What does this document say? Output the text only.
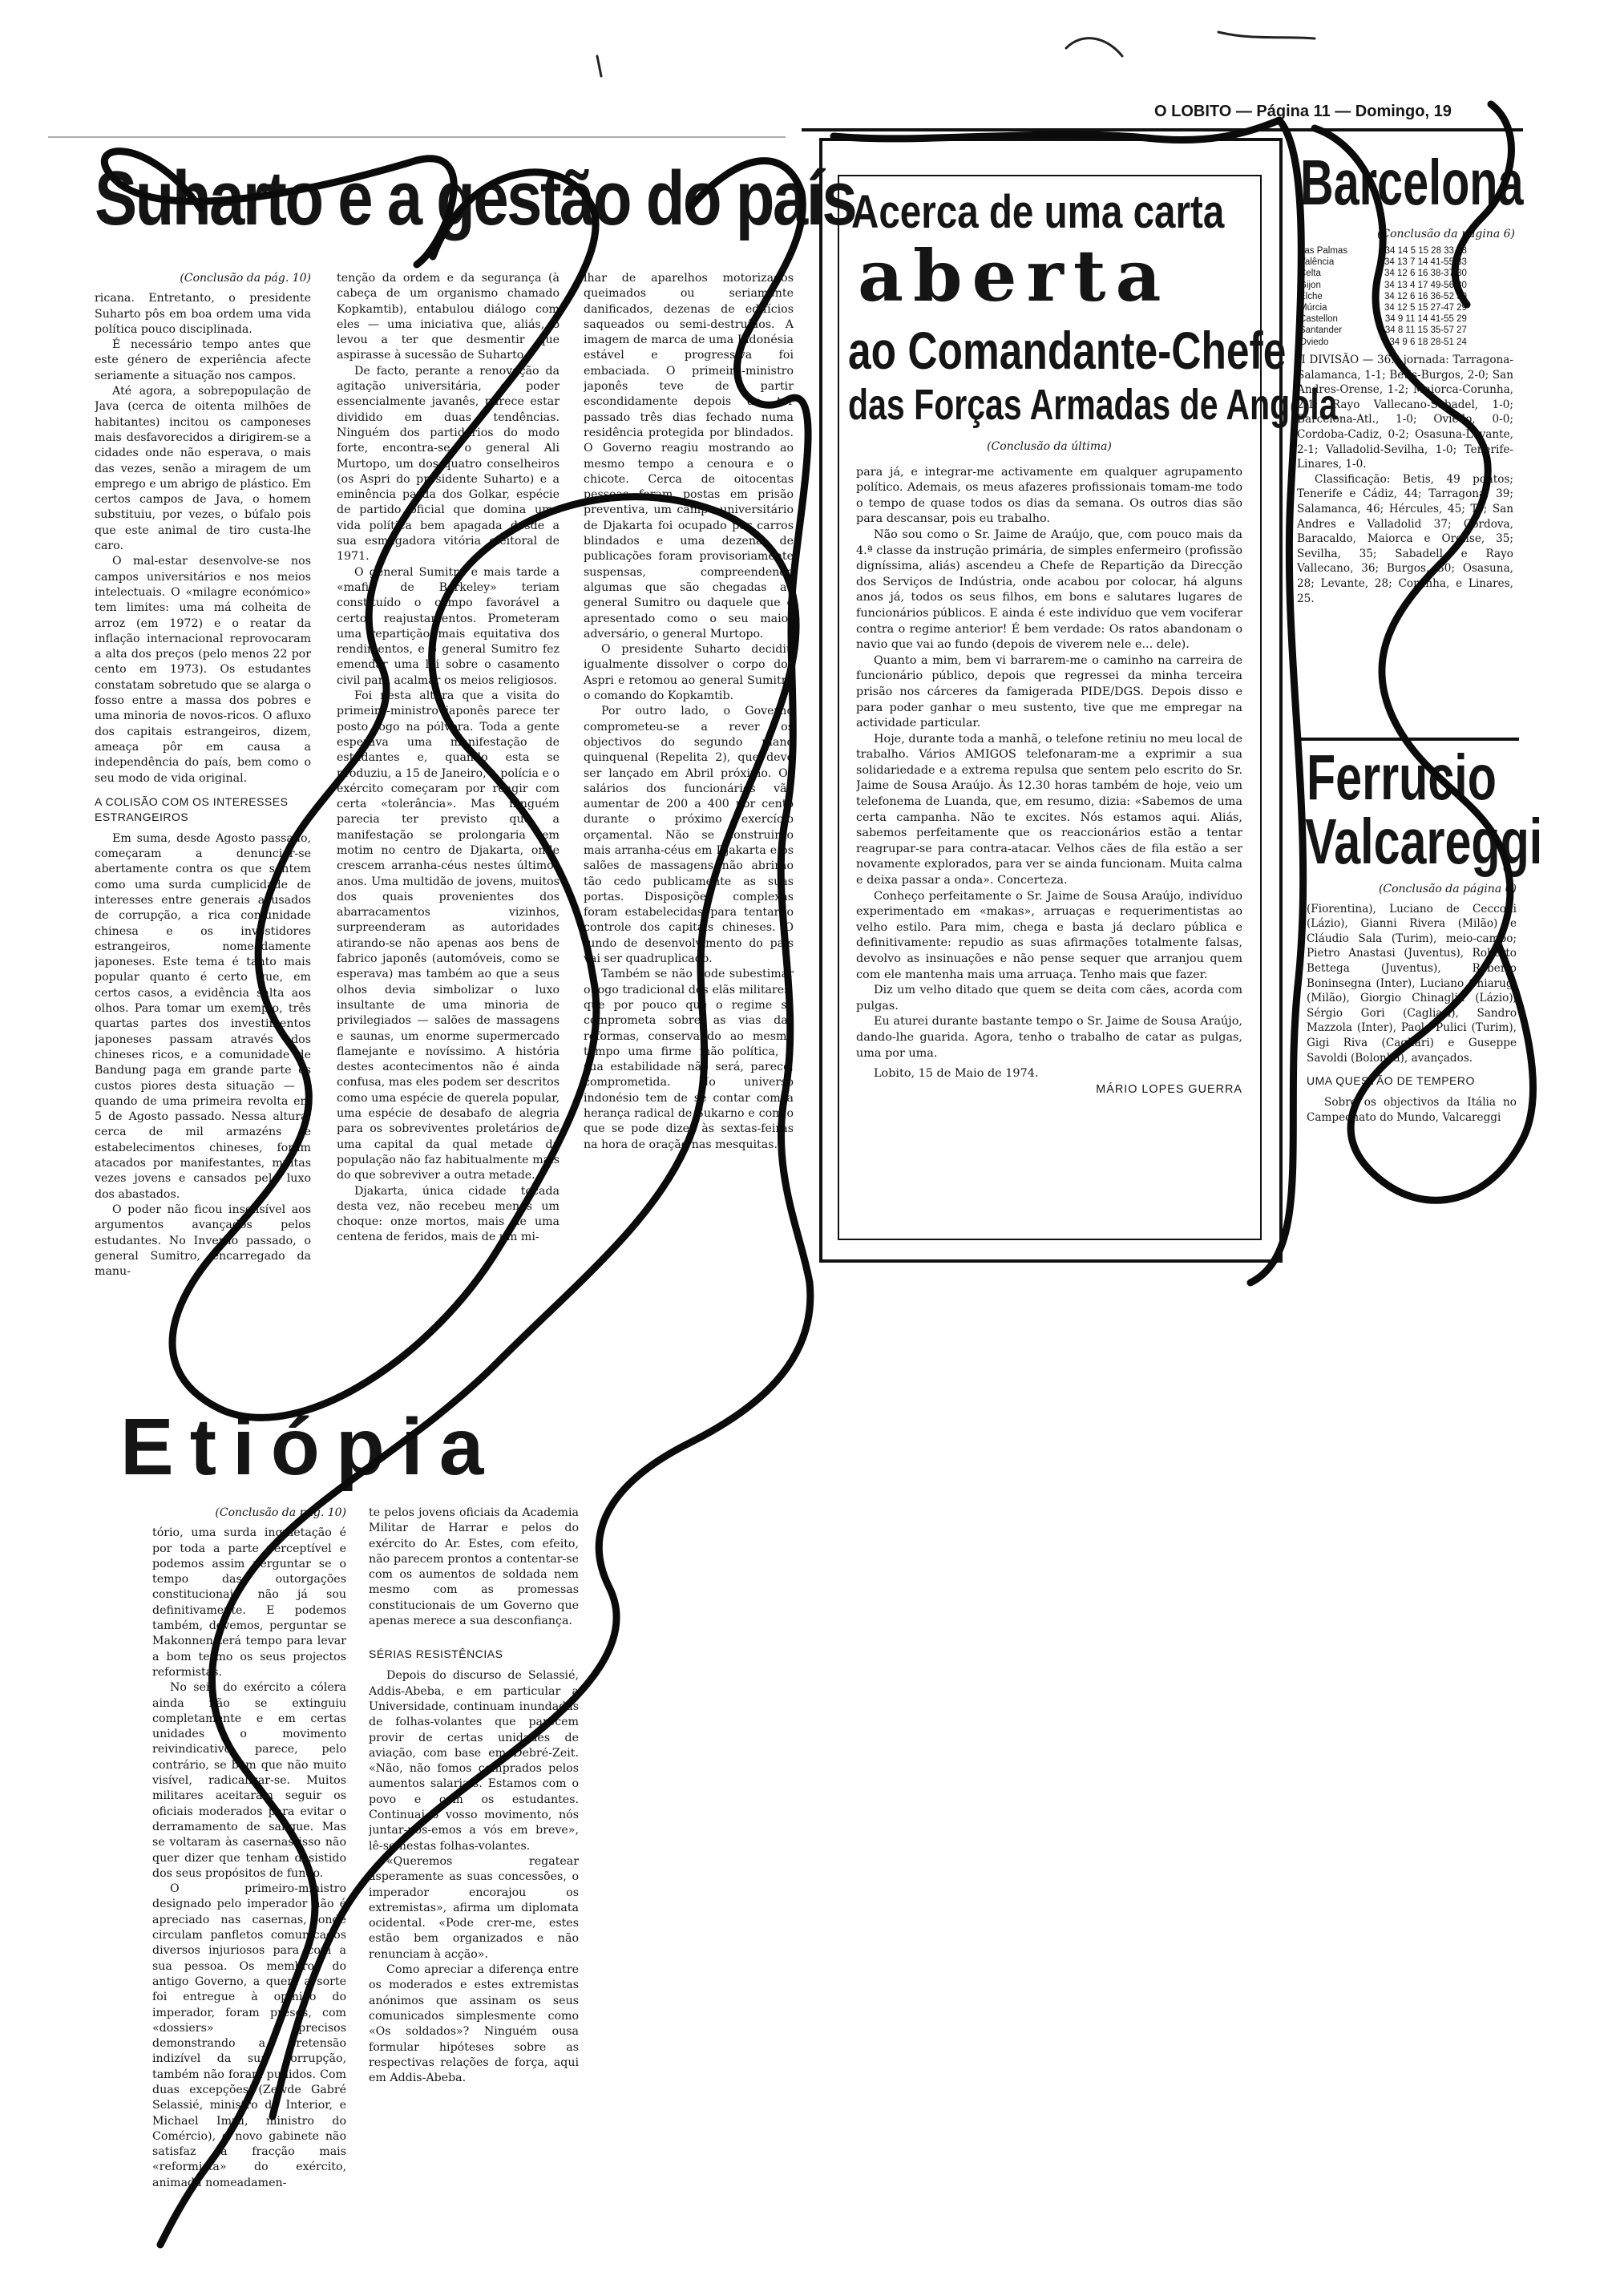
O LOBITO — Página 11 — Domingo, 19
Suharto e a gestão do país
(Conclusão da pág. 10)

ricana. Entretanto, o presidente Suharto pôs em boa ordem uma vida política pouco disciplinada.

É necessário tempo antes que este género de experiência afecte seriamente a situação nos campos.

Até agora, a sobrepopulação de Java (cerca de oitenta milhões de habitantes) incitou os camponeses mais desfavorecidos a dirigirem-se a cidades onde não esperava, o mais das vezes, senão a miragem de um emprego e um abrigo de plástico. Em certos campos de Java, o homem substituiu, por vezes, o búfalo pois que este animal de tiro custa-lhe caro.

O mal-estar desenvolve-se nos campos universitários e nos meios intelectuais. O «milagre económico» tem limites: uma má colheita de arroz (em 1972) e o reatar da inflação internacional reprovocaram a alta dos preços (pelo menos 22 por cento em 1973). Os estudantes constatam sobretudo que se alarga o fosso entre a massa dos pobres e uma minoria de novos-ricos. O afluxo dos capitais estrangeiros, dizem, ameaça pôr em causa a independência do país, bem como o seu modo de vida original.

A COLISÃO COM OS INTERESSES ESTRANGEIROS

Em suma, desde Agosto passado, começaram a denunciar-se abertamente contra os que sentem como uma surda cumplicidade de interesses entre generais acusados de corrupção, a rica comunidade chinesa e os investidores estrangeiros, nomeadamente japoneses. Este tema é tanto mais popular quanto é certo que, em certos casos, a evidência salta aos olhos. Para tomar um exemplo, três quartas partes dos investimentos japoneses passam através dos chineses ricos, e a comunidade de Bandung paga em grande parte os custos piores desta situação — a quando de uma primeira revolta em 5 de Agosto passado. Nessa altura, cerca de mil armazéns e estabelecimentos chineses, foram atacados por manifestantes, muitas vezes jovens e cansados pelo luxo dos abastados.

O poder não ficou insensível aos argumentos avançados pelos estudantes. No Inverno passado, o general Sumitro, encarregado da manu-

tenção da ordem e da segurança (à cabeça de um organismo chamado Kopkamtib), entabulou diálogo com eles — uma iniciativa que, aliás, o levou a ter que desmentir que aspirasse à sucessão de Suharto.

De facto, perante a renovação da agitação universitária, o poder essencialmente javanês, parece estar dividido em duas tendências. Ninguém dos partidários do modo forte, encontra-se o general Ali Murtopo, um dos quatro conselheiros (os Aspri do presidente Suharto) e a eminência parda dos Golkar, espécie de partido oficial que domina uma vida política bem apagada desde a sua esmagadora vitória eleitoral de 1971.

O general Sumitro e mais tarde a «mafia de Berkeley» teriam constituído o campo favorável a certos reajustamentos. Prometeram uma repartição mais equitativa dos rendimentos, e o general Sumitro fez emendar uma lei sobre o casamento civil para acalmar os meios religiosos.

Foi nesta altura que a visita do primeiro-ministro japonês parece ter posto fogo na pólvora. Toda a gente esperava uma manifestação de estudantes e, quando esta se produziu, a 15 de Janeiro, a polícia e o exército começaram por reagir com certa «tolerância». Mas ninguém parecia ter previsto que a manifestação se prolongaria em motim no centro de Djakarta, onde crescem arranha-céus nestes últimos anos. Uma multidão de jovens, muitos dos quais provenientes dos abarracamentos vizinhos, surpreenderam as autoridades atirando-se não apenas aos bens de fabrico japonês (automóveis, como se esperava) mas também ao que a seus olhos devia simbolizar o luxo insultante de uma minoria de privilegiados — salões de massagens e saunas, um enorme supermercado flamejante e novíssimo. A história destes acontecimentos não é ainda confusa, mas eles podem ser descritos como uma espécie de querela popular, uma espécie de desabafo de alegria para os sobreviventes proletários de uma capital da qual metade da população não faz habitualmente mais do que sobreviver a outra metade.

Djakarta, única cidade tocada desta vez, não recebeu menos um choque: onze mortos, mais de uma centena de feridos, mais de um mi-

lhar de aparelhos motorizados queimados ou seriamente danificados, dezenas de edifícios saqueados ou semi-destruídos. A imagem de marca de uma Indonésia estável e progressiva foi embaciada. O primeiro-ministro japonês teve de partir escondidamente depois de ter passado três dias fechado numa residência protegida por blindados. O Governo reagiu mostrando ao mesmo tempo a cenoura e o chicote. Cerca de oitocentas pessoas foram postas em prisão preventiva, um campo universitário de Djakarta foi ocupado por carros blindados e uma dezena de publicações foram provisoriamente suspensas, compreendendo algumas que são chegadas ao general Sumitro ou daquele que é apresentado como o seu maior adversário, o general Murtopo.

O presidente Suharto decidiu igualmente dissolver o corpo dos Aspri e retomou ao general Sumitro o comando do Kopkamtib.

Por outro lado, o Governo comprometeu-se a rever os objectivos do segundo plano quinquenal (Repelita 2), que deve ser lançado em Abril próximo. Os salários dos funcionários vão aumentar de 200 a 400 por cento durante o próximo exercício orçamental. Não se construirão mais arranha-céus em Djakarta e os salões de massagens não abrirão tão cedo publicamente as suas portas. Disposições complexas foram estabelecidas para tentar o controle dos capitais chineses. O fundo de desenvolvimento do país vai ser quadruplicado.

Também se não pode subestimar o jogo tradicional dos elãs militares, que por pouco que o regime se comprometa sobre as vias das reformas, conservando ao mesmo tempo uma firme mão política, a sua estabilidade não será, parece, comprometida. No universo indonésio tem de se contar com a herança radical de Sukarno e com o que se pode dizer às sextas-feiras na hora de oração nas mesquitas.

Acerca de uma carta
aberta
ao Comandante-Chefe
das Forças Armadas de Angola
(Conclusão da última)

para já, e integrar-me activamente em qualquer agrupamento político. Ademais, os meus afazeres profissionais tomam-me todo o tempo de quase todos os dias da semana. Os outros dias são para descansar, pois eu trabalho.

Não sou como o Sr. Jaime de Araújo, que, com pouco mais da 4.ª classe da instrução primária, de simples enfermeiro (profissão digníssima, aliás) ascendeu a Chefe de Repartição da Direcção dos Serviços de Indústria, onde acabou por colocar, há alguns anos já, todos os seus filhos, em bons e salutares lugares de funcionários públicos. E ainda é este indivíduo que vem vociferar contra o regime anterior! É bem verdade: Os ratos abandonam o navio que vai ao fundo (depois de viverem nele e... dele).

Quanto a mim, bem vi barrarem-me o caminho na carreira de funcionário público, depois que regressei da minha terceira prisão nos cárceres da famigerada PIDE/DGS. Depois disso e para poder ganhar o meu sustento, tive que me empregar na actividade particular.

Hoje, durante toda a manhã, o telefone retiniu no meu local de trabalho. Vários AMIGOS telefonaram-me a exprimir a sua solidariedade e a extrema repulsa que sentem pelo escrito do Sr. Jaime de Sousa Araújo. Às 12.30 horas também de hoje, veio um telefonema de Luanda, que, em resumo, dizia: «Sabemos de uma certa campanha. Não te excites. Nós estamos aqui. Aliás, sabemos perfeitamente que os reaccionários estão a tentar reagrupar-se para contra-atacar. Velhos cães de fila estão a ser novamente explorados, para ver se ainda funcionam. Muita calma e deixa passar a onda». Concerteza.

Conheço perfeitamente o Sr. Jaime de Sousa Araújo, indivíduo experimentado em «makas», arruaças e requerimentistas ao velho estilo. Para mim, chega e basta já declaro pública e definitivamente: repudio as suas afirmações totalmente falsas, devolvo as insinuações e não pense sequer que arranjou quem com ele mantenha mais uma arruaça. Tenho mais que fazer.

Diz um velho ditado que quem se deita com cães, acorda com pulgas.

Eu aturei durante bastante tempo o Sr. Jaime de Sousa Araújo, dando-lhe guarida. Agora, tenho o trabalho de catar as pulgas, uma por uma.

Lobito, 15 de Maio de 1974.

MÁRIO LOPES GUERRA

Barcelona
(Conclusão da página 6)
Las Palmas	34 14 5 15 28 33 23
Valência	34 13 7 14 41-55 33
Celta	34 12 6 16 38-37 30
Gijon	34 13 4 17 49-56 30
Elche	34 12 6 16 36-52 30
Múrcia	34 12 5 15 27-47 29
Castellon	34 9 11 14 41-55 29
Santander	34 8 11 15 35-57 27
Oviedo	34 9 6 18 28-51 24

II DIVISÃO — 36.ª jornada: Tarragona-Salamanca, 1-1; Betis-Burgos, 2-0; San Andres-Orense, 1-2; Maiorca-Corunha, 2-1; Rayo Vallecano-Sabadel, 1-0; Barcelona-Atl., 1-0; Oviedo, 0-0; Cordoba-Cadiz, 0-2; Osasuna-Levante, 2-1; Valladolid-Sevilha, 1-0; Tenerife-Linares, 1-0.

Classificação: Betis, 49 pontos; Tenerife e Cádiz, 44; Tarragona, 39; Salamanca, 46; Hércules, 45; Te; San Andres e Valladolid 37; Córdova, Baracaldo, Maiorca e Orense, 35; Sevilha, 35; Sabadell e Rayo Vallecano, 36; Burgos, 30; Osasuna, 28; Levante, 28; Corunha, e Linares, 25.

Ferrucio
Valcareggi
(Conclusão da página 6)

(Fiorentina), Luciano de Cecconi (Lázio), Gianni Rivera (Milão) e Cláudio Sala (Turim), meio-campo; Pietro Anastasi (Juventus), Roberto Bettega (Juventus), Roberto Boninsegna (Inter), Luciano Chiarugi (Milão), Giorgio Chinaglia (Lázio), Sérgio Gori (Cagliari), Sandro Mazzola (Inter), Paolo Pulici (Turim), Gigi Riva (Cagliari) e Guseppe Savoldi (Bolonha), avançados.

UMA QUESTÃO DE TEMPERO

Sobre os objectivos da Itália no Campeonato do Mundo, Valcareggi

Etiópia
(Conclusão da pág. 10)

tório, uma surda inquietação é por toda a parte perceptível e podemos assim perguntar se o tempo das outorgações constitucionais não já sou definitivamente. E podemos também, devemos, perguntar se Makonnen terá tempo para levar a bom termo os seus projectos reformistas.

No seio do exército a cólera ainda não se extinguiu completamente e em certas unidades o movimento reivindicativo parece, pelo contrário, se bem que não muito visível, radicalizar-se. Muitos militares aceitaram seguir os oficiais moderados para evitar o derramamento de sangue. Mas se voltaram às casernas isso não quer dizer que tenham desistido dos seus propósitos de fundo.

O primeiro-ministro designado pelo imperador não é apreciado nas casernas, onde circulam panfletos comunicados diversos injuriosos para com a sua pessoa. Os membros do antigo Governo, a quem a sorte foi entregue à opinião do imperador, foram presos, com «dossiers» precisos demonstrando a pretensão indizível da sua corrupção, também não foram punidos. Com duas excepções (Zewde Gabré Selassié, ministro do Interior, e Michael Imru, ministro do Comércio), o novo gabinete não satisfaz a fracção mais «reformista» do exército, animada nomeadamen-

te pelos jovens oficiais da Academia Militar de Harrar e pelos do exército do Ar. Estes, com efeito, não parecem prontos a contentar-se com os aumentos de soldada nem mesmo com as promessas constitucionais de um Governo que apenas merece a sua desconfiança.

SÉRIAS RESISTÊNCIAS

Depois do discurso de Selassié, Addis-Abeba, e em particular a Universidade, continuam inundadas de folhas-volantes que parecem provir de certas unidades de aviação, com base em Debré-Zeit. «Não, não fomos comprados pelos aumentos salariais. Estamos com o povo e com os estudantes. Continuai o vosso movimento, nós juntar-nos-emos a vós em breve», lê-se nestas folhas-volantes.

«Queremos regatear asperamente as suas concessões, o imperador encorajou os extremistas», afirma um diplomata ocidental. «Pode crer-me, estes estão bem organizados e não renunciam à acção».

Como apreciar a diferença entre os moderados e estes extremistas anónimos que assinam os seus comunicados simplesmente como «Os soldados»? Ninguém ousa formular hipóteses sobre as respectivas relações de força, aqui em Addis-Abeba.
